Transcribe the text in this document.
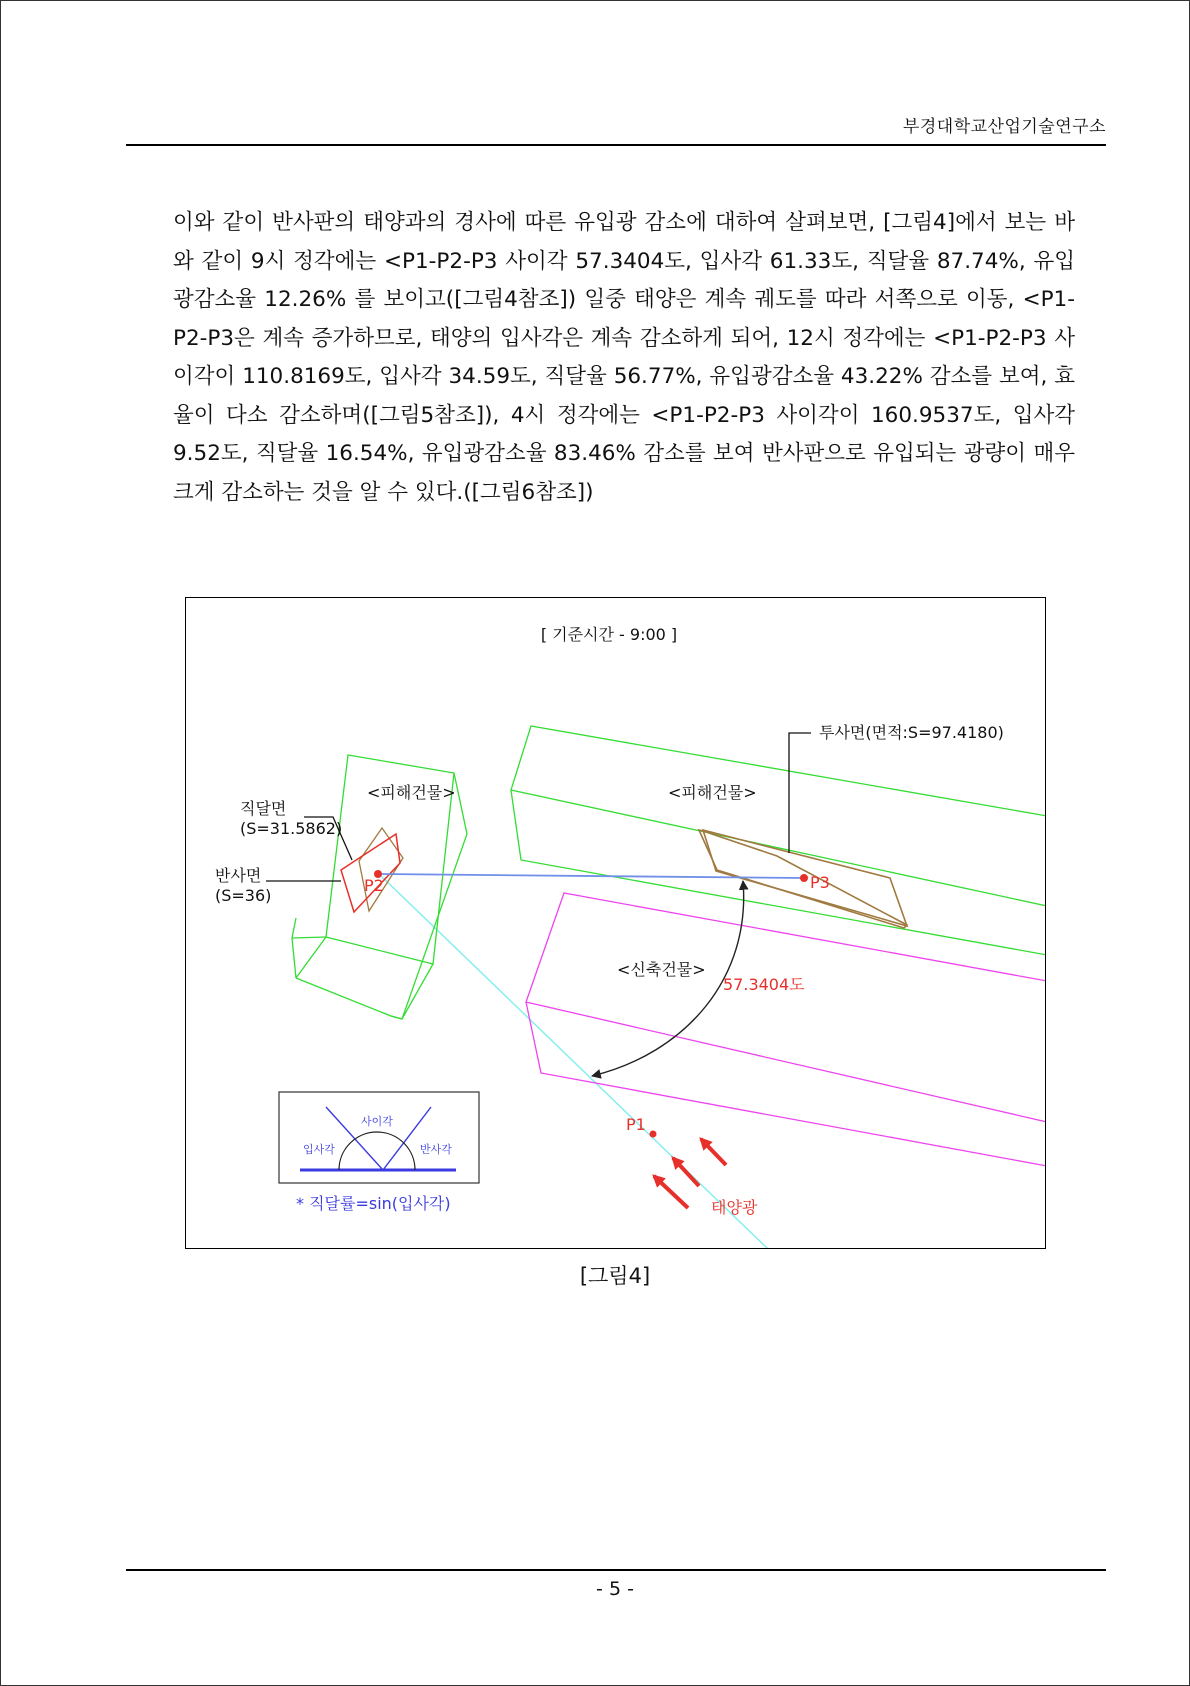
부경대학교산업기술연구소

이와 같이 반사판의 태양과의 경사에 따른 유입광 감소에 대하여 살펴보면, [그림4]에서 보는 바와 같이 9시 정각에는 <P1-P2-P3 사이각 57.3404도, 입사각 61.33도, 직달율 87.74%, 유입광감소율 12.26% 를 보이고([그림4참조]) 일중 태양은 계속 궤도를 따라 서쪽으로 이동, <P1-P2-P3은 계속 증가하므로, 태양의 입사각은 계속 감소하게 되어, 12시 정각에는 <P1-P2-P3 사이각이 110.8169도, 입사각 34.59도, 직달율 56.77%, 유입광감소율 43.22% 감소를 보여, 효율이 다소 감소하며([그림5참조]), 4시 정각에는 <P1-P2-P3 사이각이 160.9537도, 입사각 9.52도, 직달율 16.54%, 유입광감소율 83.46% 감소를 보여 반사판으로 유입되는 광량이 매우 크게 감소하는 것을 알 수 있다.([그림6참조])

[ 기준시간 - 9:00 ]
투사면(면적:S=97.4180)
<피해건물>	<피해건물>
<신축건물>
직달면
(S=31.5862)
반사면
(S=36)
P2	P3
P1
57.3404도
태양광
사이각
입사각	반사각
* 직달률=sin(입사각)
[그림4]
- 5 -
